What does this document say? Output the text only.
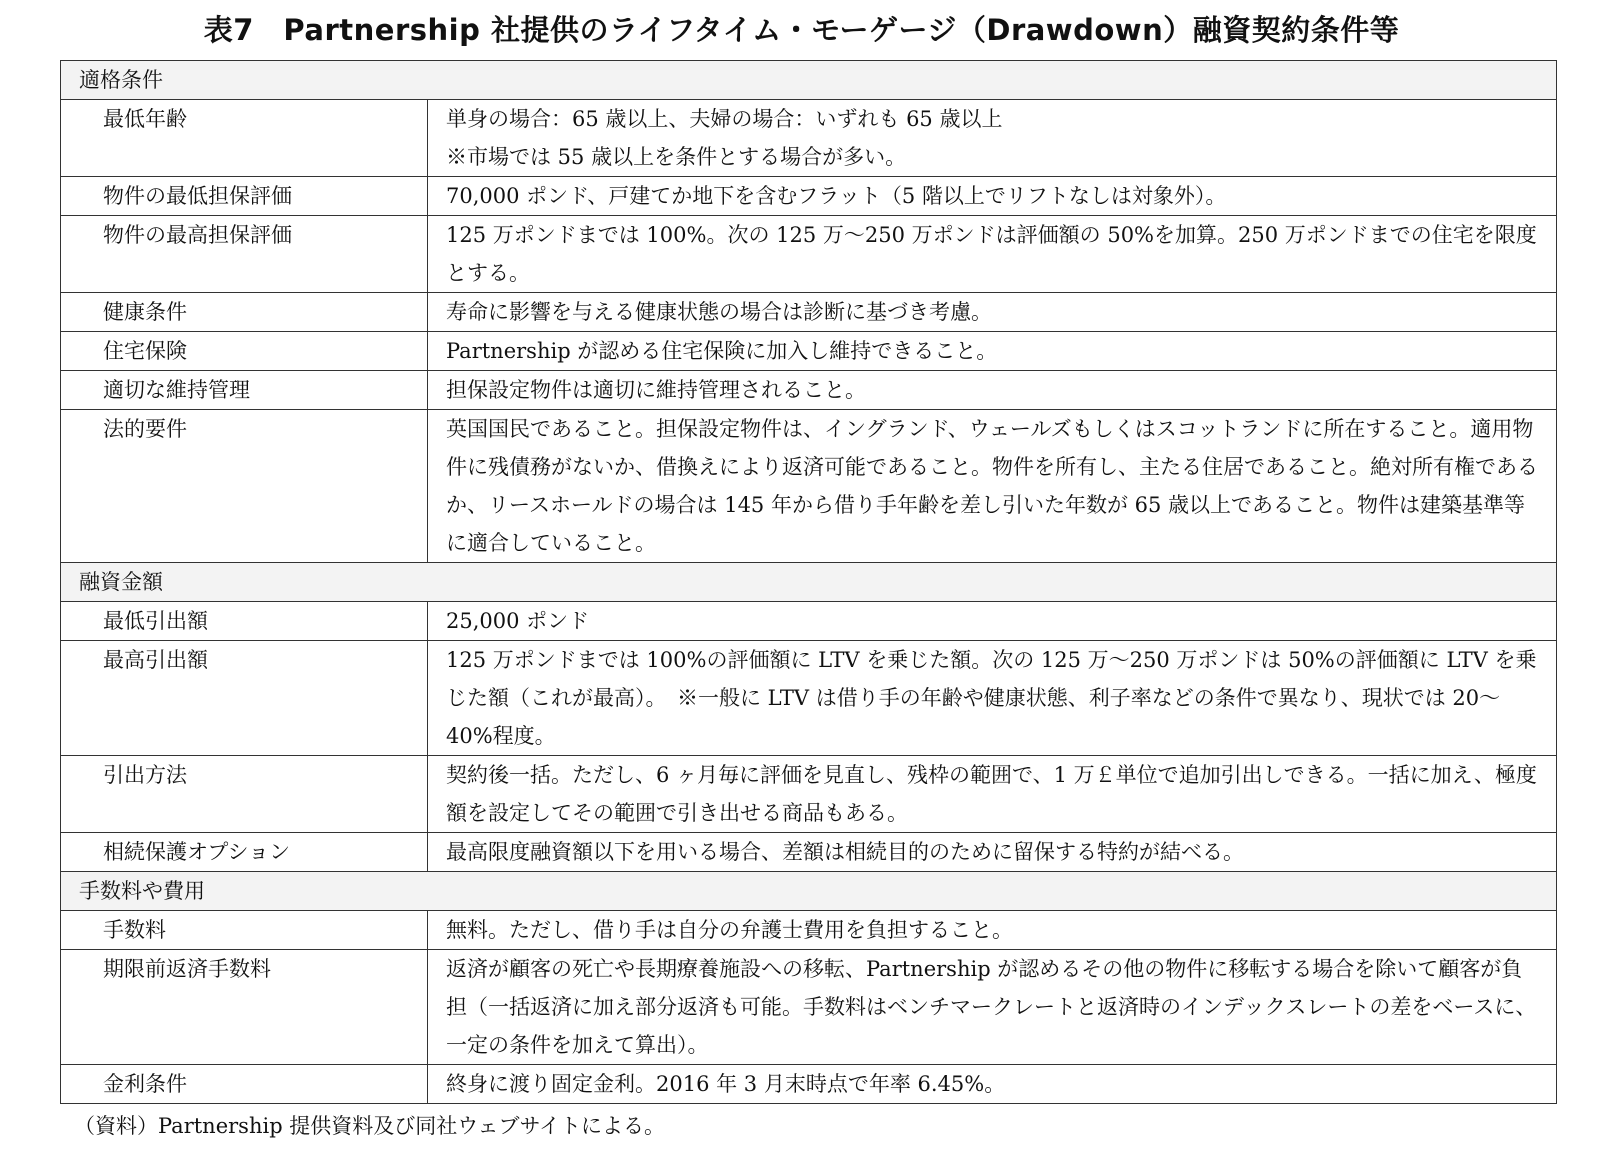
表7　Partnership 社提供のライフタイム・モーゲージ（Drawdown）融資契約条件等
適格条件	
最低年齢	単身の場合：65 歳以上、夫婦の場合：いずれも 65 歳以上
※市場では 55 歳以上を条件とする場合が多い。
物件の最低担保評価	70,000 ポンド、戸建てか地下を含むフラット（5 階以上でリフトなしは対象外）。
物件の最高担保評価	125 万ポンドまでは 100%。次の 125 万～250 万ポンドは評価額の 50%を加算。250 万ポンドまでの住宅を限度とする。
健康条件	寿命に影響を与える健康状態の場合は診断に基づき考慮。
住宅保険	Partnership が認める住宅保険に加入し維持できること。
適切な維持管理	担保設定物件は適切に維持管理されること。
法的要件	英国国民であること。担保設定物件は、イングランド、ウェールズもしくはスコットランドに所在すること。適用物件に残債務がないか、借換えにより返済可能であること。物件を所有し、主たる住居であること。絶対所有権であるか、リースホールドの場合は 145 年から借り手年齢を差し引いた年数が 65 歳以上であること。物件は建築基準等に適合していること。
融資金額	
最低引出額	25,000 ポンド
最高引出額	125 万ポンドまでは 100%の評価額に LTV を乗じた額。次の 125 万～250 万ポンドは 50%の評価額に LTV を乗じた額（これが最高）。　※一般に LTV は借り手の年齢や健康状態、利子率などの条件で異なり、現状では 20～40%程度。
引出方法	契約後一括。ただし、6 ヶ月毎に評価を見直し、残枠の範囲で、1 万￡単位で追加引出しできる。一括に加え、極度額を設定してその範囲で引き出せる商品もある。
相続保護オプション	最高限度融資額以下を用いる場合、差額は相続目的のために留保する特約が結べる。
手数料や費用	
手数料	無料。ただし、借り手は自分の弁護士費用を負担すること。
期限前返済手数料	返済が顧客の死亡や長期療養施設への移転、Partnership が認めるその他の物件に移転する場合を除いて顧客が負担（一括返済に加え部分返済も可能。手数料はベンチマークレートと返済時のインデックスレートの差をベースに、一定の条件を加えて算出）。
金利条件	終身に渡り固定金利。2016 年 3 月末時点で年率 6.45%。
（資料）Partnership 提供資料及び同社ウェブサイトによる。
